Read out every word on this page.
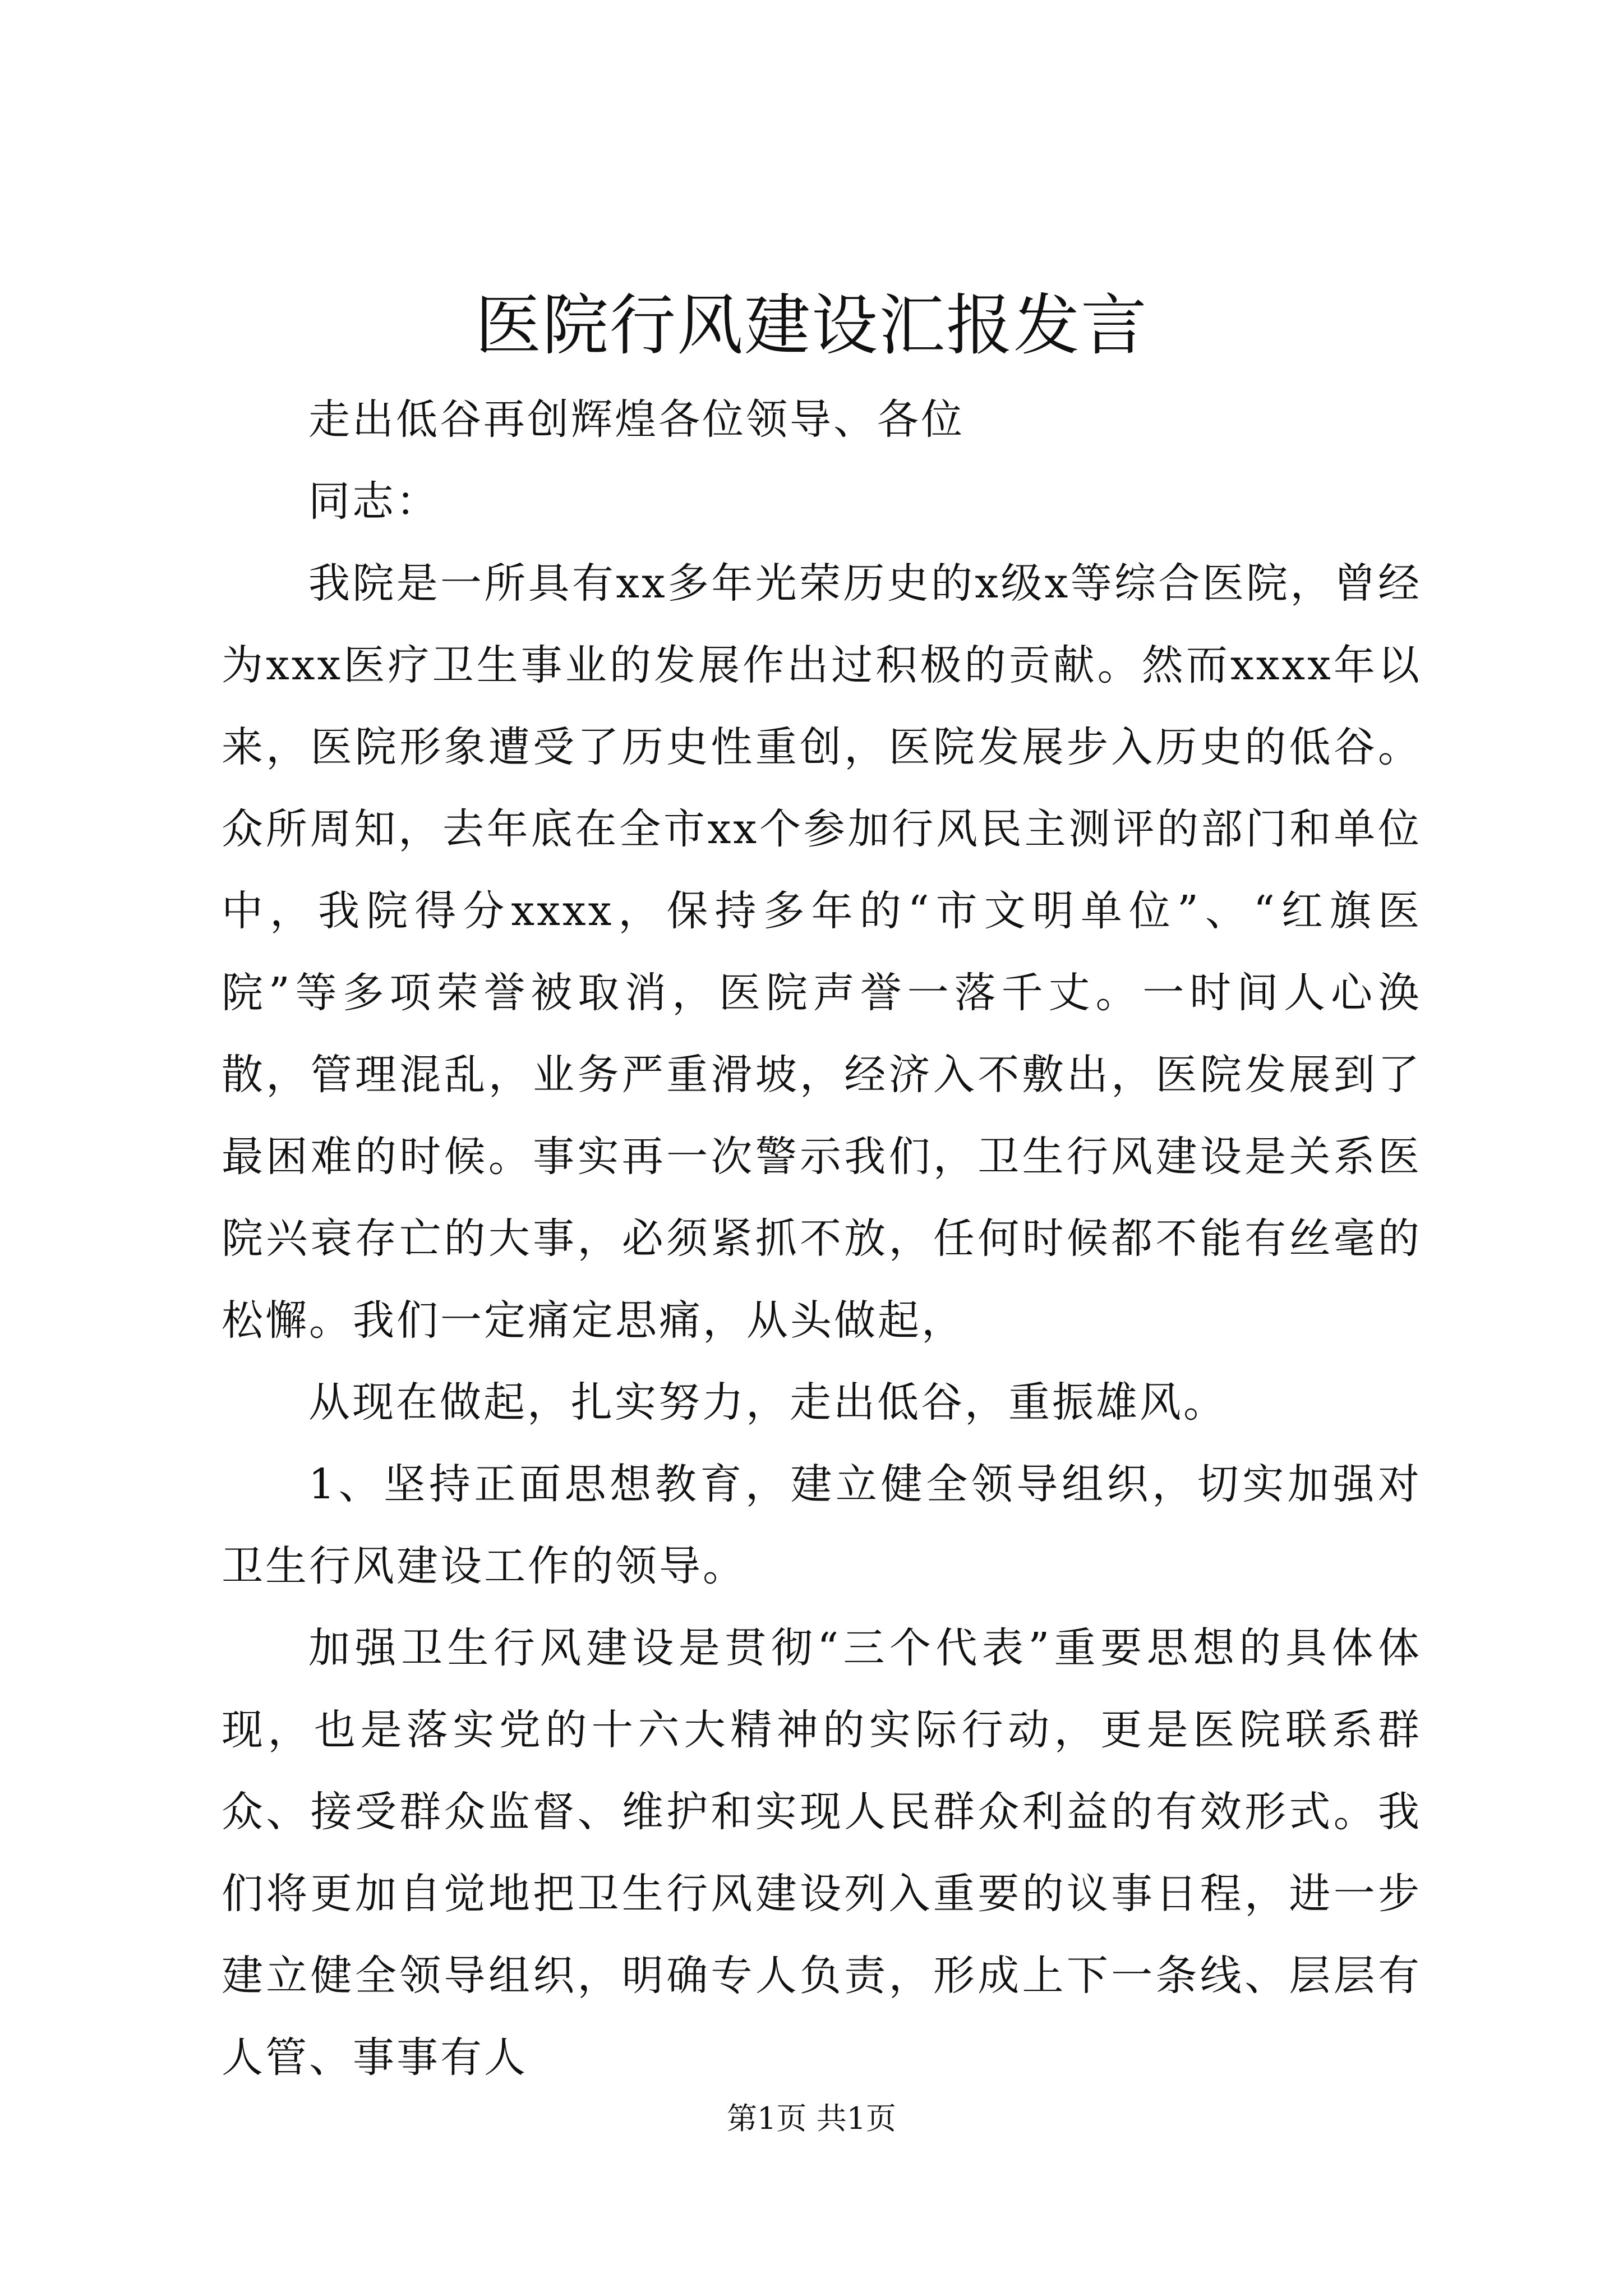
医院行风建设汇报发言

走出低谷再创辉煌各位领导、各位

同志：

我院是一所具有xx多年光荣历史的x级x等综合医院，曾经为xxx医疗卫生事业的发展作出过积极的贡献。然而xxxx年以来，医院形象遭受了历史性重创，医院发展步入历史的低谷。众所周知，去年底在全市xx个参加行风民主测评的部门和单位中，我院得分xxxx，保持多年的“市文明单位”、“红旗医院”等多项荣誉被取消，医院声誉一落千丈。一时间人心涣散，管理混乱，业务严重滑坡，经济入不敷出，医院发展到了最困难的时候。事实再一次警示我们，卫生行风建设是关系医院兴衰存亡的大事，必须紧抓不放，任何时候都不能有丝毫的松懈。我们一定痛定思痛，从头做起，

从现在做起，扎实努力，走出低谷，重振雄风。

1、坚持正面思想教育，建立健全领导组织，切实加强对卫生行风建设工作的领导。

加强卫生行风建设是贯彻“三个代表”重要思想的具体体现，也是落实党的十六大精神的实际行动，更是医院联系群众、接受群众监督、维护和实现人民群众利益的有效形式。我们将更加自觉地把卫生行风建设列入重要的议事日程，进一步建立健全领导组织，明确专人负责，形成上下一条线、层层有人管、事事有人

第1页 共1页
